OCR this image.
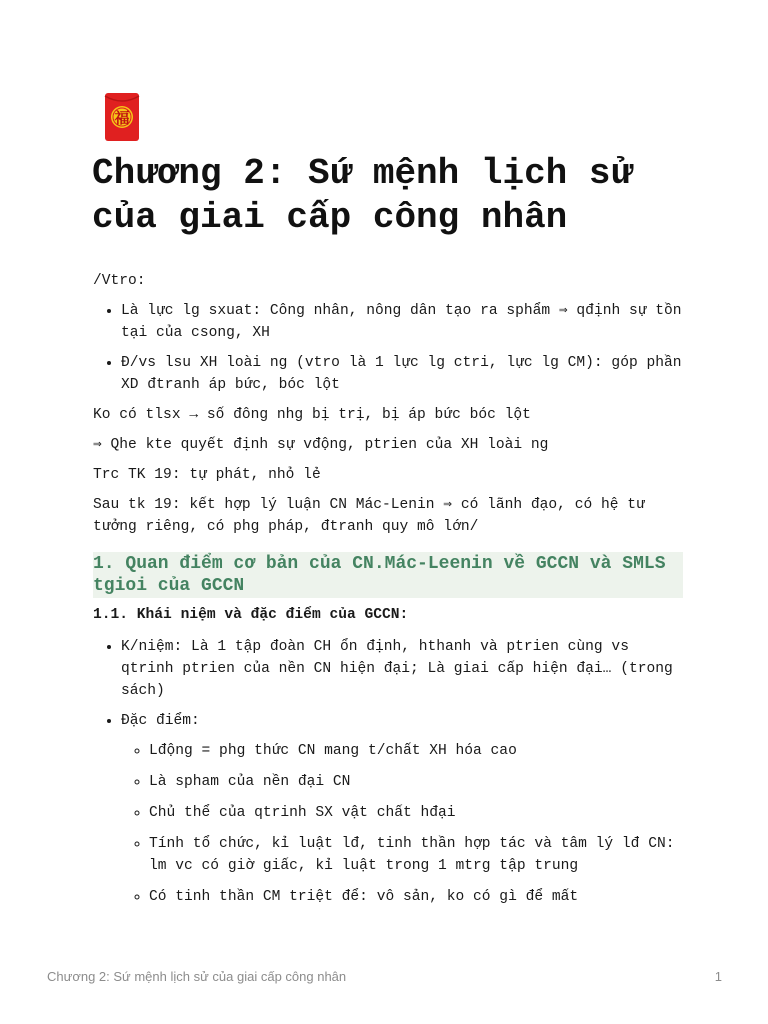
福
Chương 2: Sứ mệnh lịch sử của giai cấp công nhân

/Vtro:

• Là lực lg sxuat: Công nhân, nông dân tạo ra sphẩm ⇒ qđịnh sự tồn tại của csong, XH
• Đ/vs lsu XH loài ng (vtro là 1 lực lg ctri, lực lg CM): góp phần XD đtranh áp bức, bóc lột

Ko có tlsx → số đông nhg bị trị, bị áp bức bóc lột

⇒ Qhe kte quyết định sự vđộng, ptrien của XH loài ng

Trc TK 19: tự phát, nhỏ lẻ

Sau tk 19: kết hợp lý luận CN Mác-Lenin ⇒ có lãnh đạo, có hệ tư tưởng riêng, có phg pháp, đtranh quy mô lớn/

1. Quan điểm cơ bản của CN.Mác-Leenin về GCCN và SMLS tgioi của GCCN
1.1. Khái niệm và đặc điểm của GCCN:
• K/niệm: Là 1 tập đoàn CH ổn định, hthanh và ptrien cùng vs qtrinh ptrien của nền CN hiện đại; Là giai cấp hiện đại… (trong sách)
• Đặc điểm:
◦ Lđộng = phg thức CN mang t/chất XH hóa cao
◦ Là spham của nền đại CN
◦ Chủ thể của qtrinh SX vật chất hđại
◦ Tính tổ chức, kỉ luật lđ, tinh thần hợp tác và tâm lý lđ CN: lm vc có giờ giấc, kỉ luật trong 1 mtrg tập trung
◦ Có tinh thần CM triệt để: vô sản, ko có gì để mất
Chương 2: Sứ mệnh lịch sử của giai cấp công nhân	1
